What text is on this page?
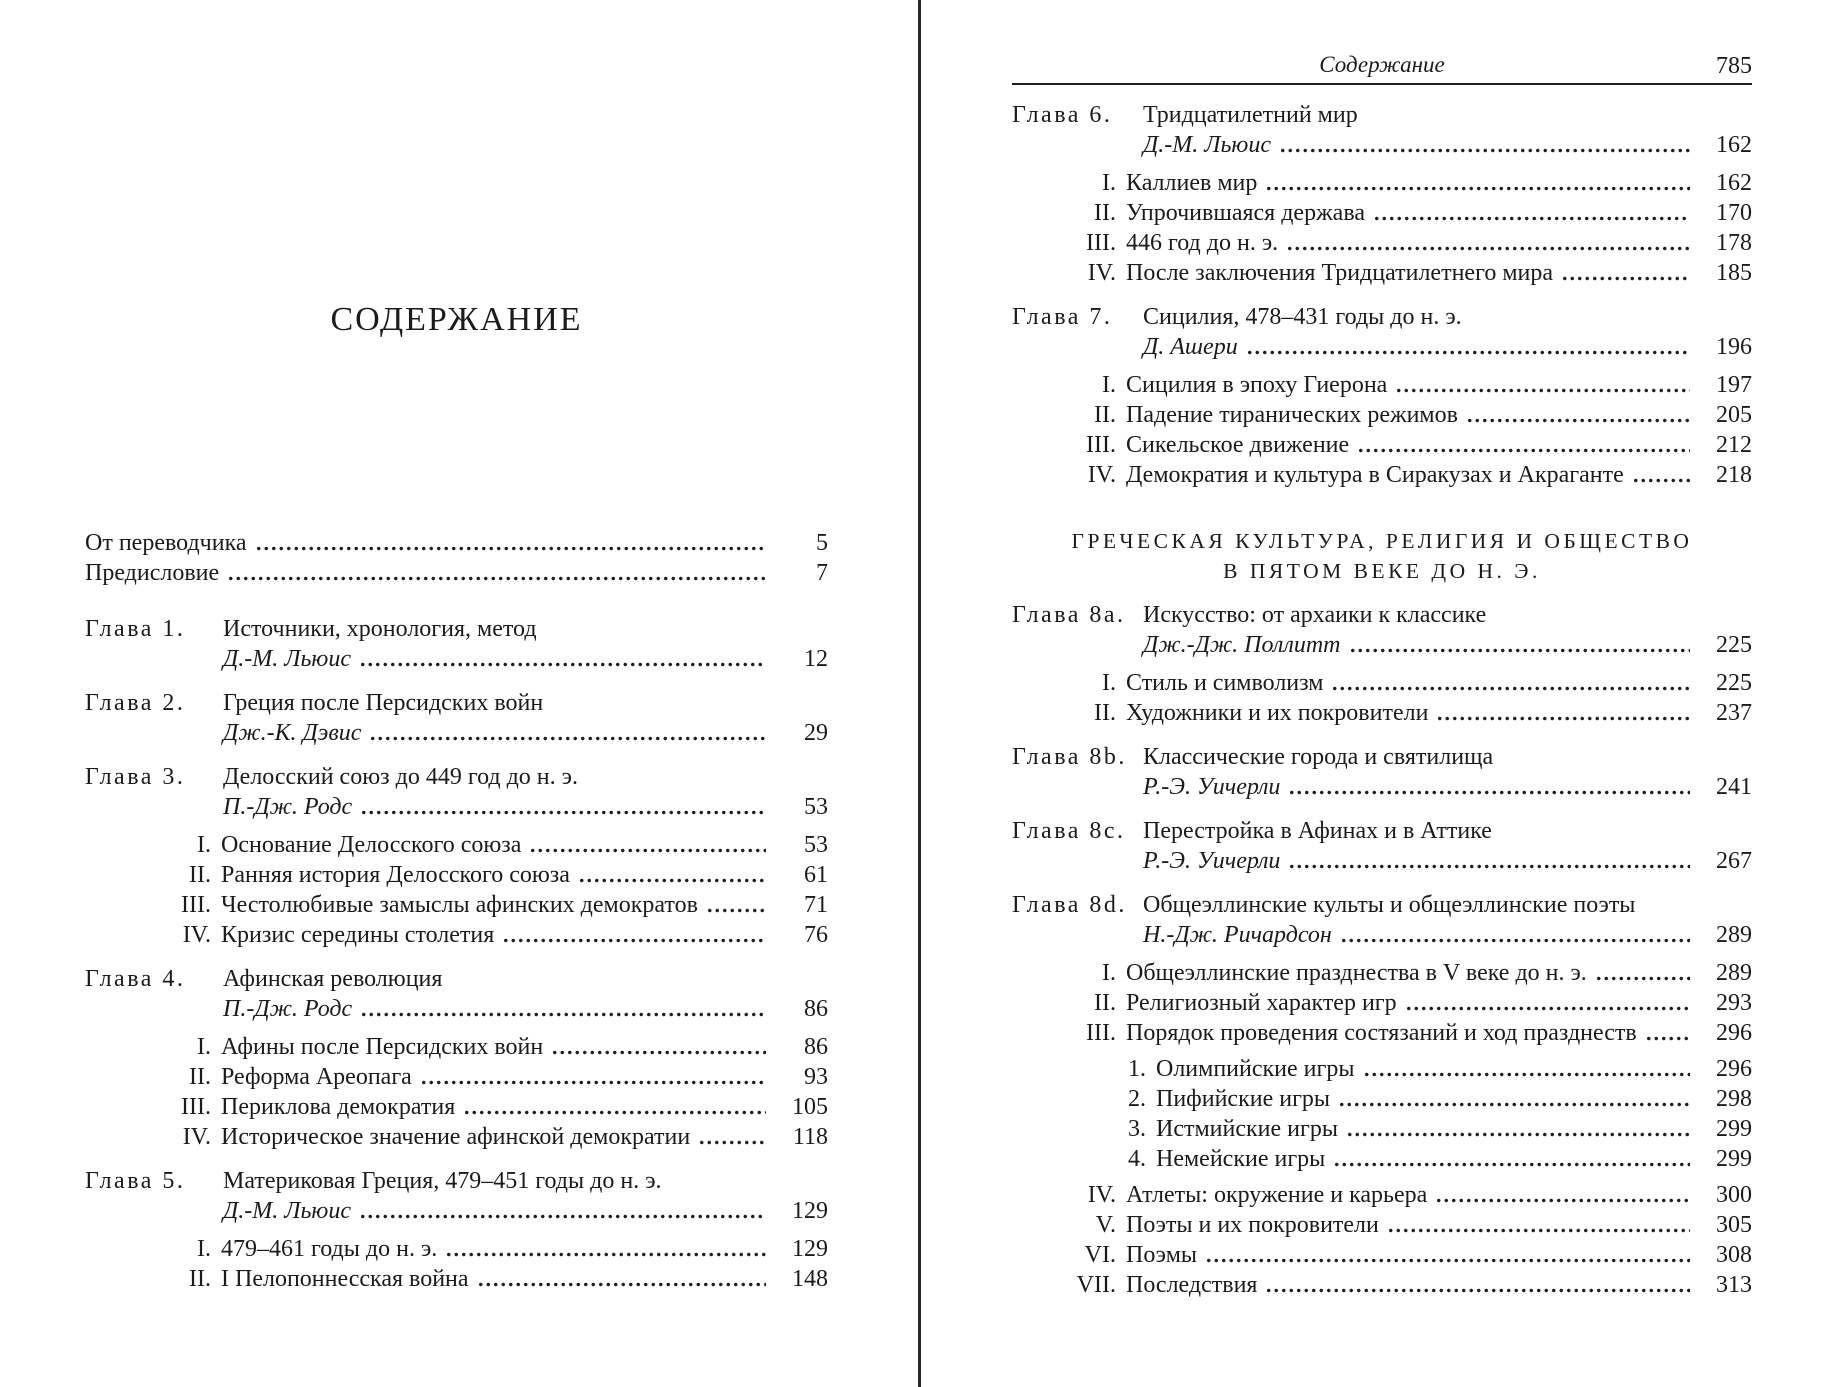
СОДЕРЖАНИЕ
От переводчика	5
Предисловие	7
Глава 1.	Источники, хронология, метод
Д.-М. Льюис	12
Глава 2.	Греция после Персидских войн
Дж.-К. Дэвис	29
Глава 3.	Делосский союз до 449 год до н. э.
П.-Дж. Родс	53
I. Основание Делосского союза	53
II. Ранняя история Делосского союза	61
III. Честолюбивые замыслы афинских демократов	71
IV. Кризис середины столетия	76
Глава 4.	Афинская революция
П.-Дж. Родс	86
I. Афины после Персидских войн	86
II. Реформа Ареопага	93
III. Периклова демократия	105
IV. Историческое значение афинской демократии	118
Глава 5.	Материковая Греция, 479–451 годы до н. э.
Д.-М. Льюис	129
I. 479–461 годы до н. э.	129
II. I Пелопоннесская война	148
Содержание	785
Глава 6.	Тридцатилетний мир
Д.-М. Льюис	162
I. Каллиев мир	162
II. Упрочившаяся держава	170
III. 446 год до н. э.	178
IV. После заключения Тридцатилетнего мира	185
Глава 7.	Сицилия, 478–431 годы до н. э.
Д. Ашери	196
I. Сицилия в эпоху Гиерона	197
II. Падение тиранических режимов	205
III. Сикельское движение	212
IV. Демократия и культура в Сиракузах и Акраганте	218
ГРЕЧЕСКАЯ КУЛЬТУРА, РЕЛИГИЯ И ОБЩЕСТВО
В ПЯТОМ ВЕКЕ ДО Н. Э.
Глава 8a. Искусство: от архаики к классике
Дж.-Дж. Поллитт	225
I. Стиль и символизм	225
II. Художники и их покровители	237
Глава 8b. Классические города и святилища
Р.-Э. Уичерли	241
Глава 8c. Перестройка в Афинах и в Аттике
Р.-Э. Уичерли	267
Глава 8d. Общеэллинские культы и общеэллинские поэты
Н.-Дж. Ричардсон	289
I. Общеэллинские празднества в V веке до н. э.	289
II. Религиозный характер игр	293
III. Порядок проведения состязаний и ход празднеств	296
1. Олимпийские игры	296
2. Пифийские игры	298
3. Истмийские игры	299
4. Немейские игры	299
IV. Атлеты: окружение и карьера	300
V. Поэты и их покровители	305
VI. Поэмы	308
VII. Последствия	313
